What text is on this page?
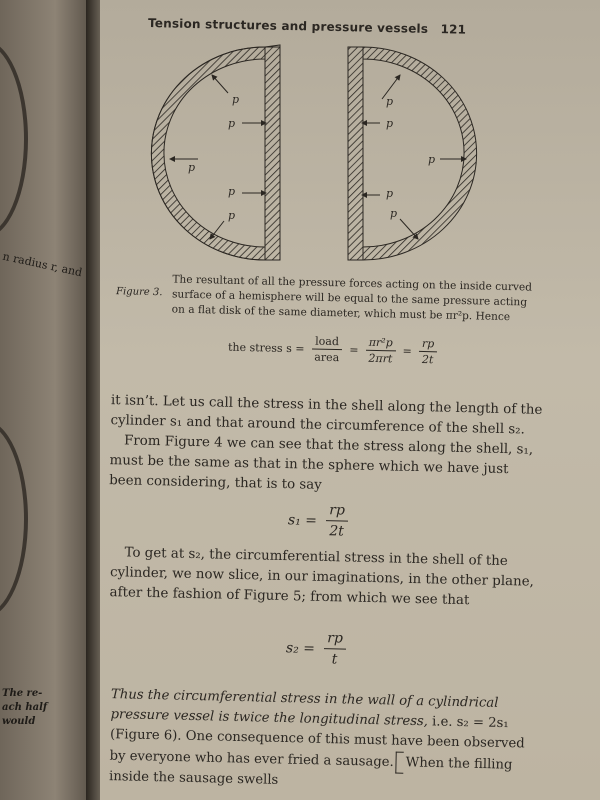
n radius r, and
The re-
ach half
would
Tension structures and pressure vessels 121
p
p
p
p
p
p
p
p
p
p
Figure 3. The resultant of all the pressure forces acting on the inside curved
surface of a hemisphere will be equal to the same pressure acting
on a flat disk of the same diameter, which must be πr²p. Hence
the stress $s = \frac{\text{load}}{\text{area}} = \frac{\text{πr²p}}{\text{2πrt}} = \frac{rp}{2t}$

it isn’t. Let us call the stress in the shell along the length of the cylinder s₁ and that around the circumference of the shell s₂.

From Figure 4 we can see that the stress along the shell, s₁, must be the same as that in the sphere which we have just been considering, that is to say

$s_1 = \frac{rp}{2t}$

To get at s₂, the circumferential stress in the shell of the cylinder, we now slice, in our imaginations, in the other plane, after the fashion of Figure 5; from which we see that

$s_2 = \frac{rp}{t}$

Thus the circumferential stress in the wall of a cylindrical pressure vessel is twice the longitudinal stress, i.e. s₂ = 2s₁ (Figure 6). One consequence of this must have been observed by everyone who has ever fried a sausage. When the filling inside the sausage swells
